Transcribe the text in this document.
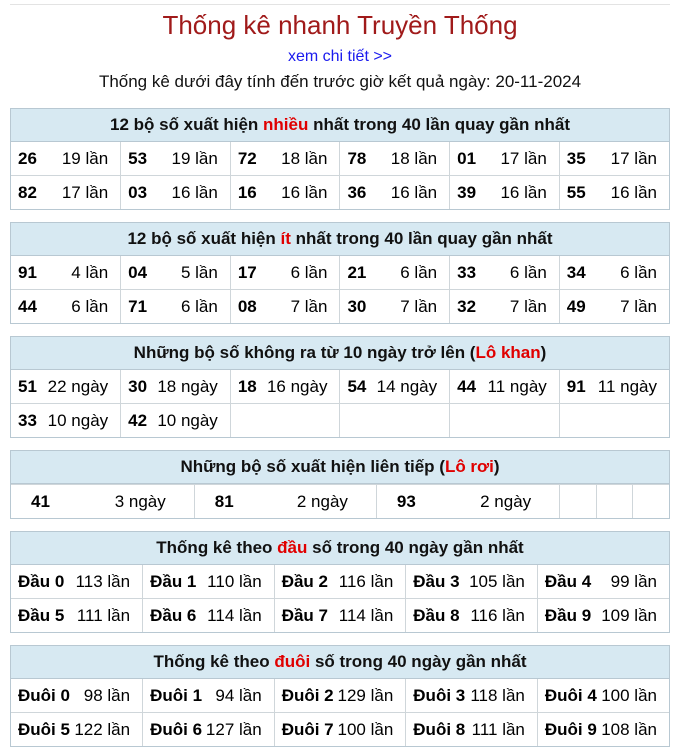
Thống kê nhanh Truyền Thống
xem chi tiết >>
Thống kê dưới đây tính đến trước giờ kết quả ngày: 20-11-2024
12 bộ số xuất hiện nhiều nhất trong 40 lần quay gần nhất
26 19 lần	53 19 lần	72 18 lần	78 18 lần	01 17 lần	35 17 lần

82 17 lần	03 16 lần	16 16 lần	36 16 lần	39 16 lần	55 16 lần
12 bộ số xuất hiện ít nhất trong 40 lần quay gần nhất
91 4 lần	04 5 lần	17 6 lần	21 6 lần	33 6 lần	34 6 lần

44 6 lần	71 6 lần	08 7 lần	30 7 lần	32 7 lần	49 7 lần
Những bộ số không ra từ 10 ngày trở lên (Lô khan)
51 22 ngày	30 18 ngày	18 16 ngày	54 14 ngày	44 11 ngày	91 11 ngày

33 10 ngày	42 10 ngày				

Những bộ số xuất hiện liên tiếp (Lô rơi)
41	3 ngày	81	2 ngày	93	2 ngày

Thống kê theo đầu số trong 40 ngày gần nhất
Đầu 0 113 lần	Đầu 1 110 lần	Đầu 2 116 lần	Đầu 3 105 lần	Đầu 4 99 lần

Đầu 5 111 lần	Đầu 6 114 lần	Đầu 7 114 lần	Đầu 8 116 lần	Đầu 9 109 lần
Thống kê theo đuôi số trong 40 ngày gần nhất
Đuôi 0 98 lần	Đuôi 1 94 lần	Đuôi 2 129 lần	Đuôi 3 118 lần	Đuôi 4 100 lần

Đuôi 5 122 lần	Đuôi 6 127 lần	Đuôi 7 100 lần	Đuôi 8 111 lần	Đuôi 9 108 lần
